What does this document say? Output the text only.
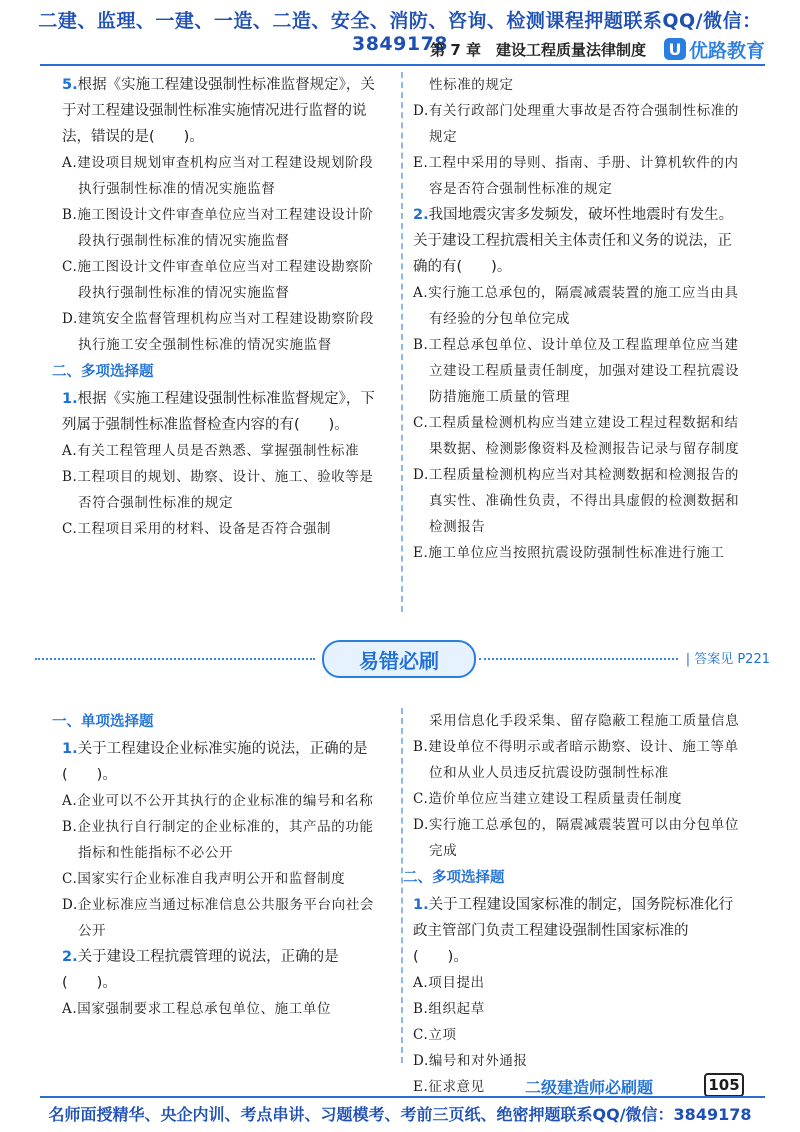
二建、监理、一建、一造、二造、安全、消防、咨询、检测课程押题联系QQ/微信：3849178
第 7 章　建设工程质量法律制度 U 优路教育
5.根据《实施工程建设强制性标准监督规定》，关于对工程建设强制性标准实施情况进行监督的说法，错误的是(　　)。
A.建设项目规划审查机构应当对工程建设规划阶段执行强制性标准的情况实施监督
B.施工图设计文件审查单位应当对工程建设设计阶段执行强制性标准的情况实施监督
C.施工图设计文件审查单位应当对工程建设勘察阶段执行强制性标准的情况实施监督
D.建筑安全监督管理机构应当对工程建设勘察阶段执行施工安全强制性标准的情况实施监督
二、多项选择题
1.根据《实施工程建设强制性标准监督规定》，下列属于强制性标准监督检查内容的有(　　)。
A.有关工程管理人员是否熟悉、掌握强制性标准
B.工程项目的规划、勘察、设计、施工、验收等是否符合强制性标准的规定
C.工程项目采用的材料、设备是否符合强制
性标准的规定
D.有关行政部门处理重大事故是否符合强制性标准的规定
E.工程中采用的导则、指南、手册、计算机软件的内容是否符合强制性标准的规定
2.我国地震灾害多发频发，破坏性地震时有发生。关于建设工程抗震相关主体责任和义务的说法，正确的有(　　)。
A.实行施工总承包的，隔震减震装置的施工应当由具有经验的分包单位完成
B.工程总承包单位、设计单位及工程监理单位应当建立建设工程质量责任制度，加强对建设工程抗震设防措施施工质量的管理
C.工程质量检测机构应当建立建设工程过程数据和结果数据、检测影像资料及检测报告记录与留存制度
D.工程质量检测机构应当对其检测数据和检测报告的真实性、准确性负责，不得出具虚假的检测数据和检测报告
E.施工单位应当按照抗震设防强制性标准进行施工
易错必刷	| 答案见 P221
一、单项选择题
1.关于工程建设企业标准实施的说法，正确的是(　　)。
A.企业可以不公开其执行的企业标准的编号和名称
B.企业执行自行制定的企业标准的，其产品的功能指标和性能指标不必公开
C.国家实行企业标准自我声明公开和监督制度
D.企业标准应当通过标准信息公共服务平台向社会公开
2.关于建设工程抗震管理的说法，正确的是(　　)。
A.国家强制要求工程总承包单位、施工单位
采用信息化手段采集、留存隐蔽工程施工质量信息
B.建设单位不得明示或者暗示勘察、设计、施工等单位和从业人员违反抗震设防强制性标准
C.造价单位应当建立建设工程质量责任制度
D.实行施工总承包的，隔震减震装置可以由分包单位完成
二、多项选择题
1.关于工程建设国家标准的制定，国务院标准化行政主管部门负责工程建设强制性国家标准的(　　)。
A.项目提出
B.组织起草
C.立项
D.编号和对外通报
E.征求意见	二级建造师必刷题	105
名师面授精华、央企内训、考点串讲、习题模考、考前三页纸、绝密押题联系QQ/微信：3849178
